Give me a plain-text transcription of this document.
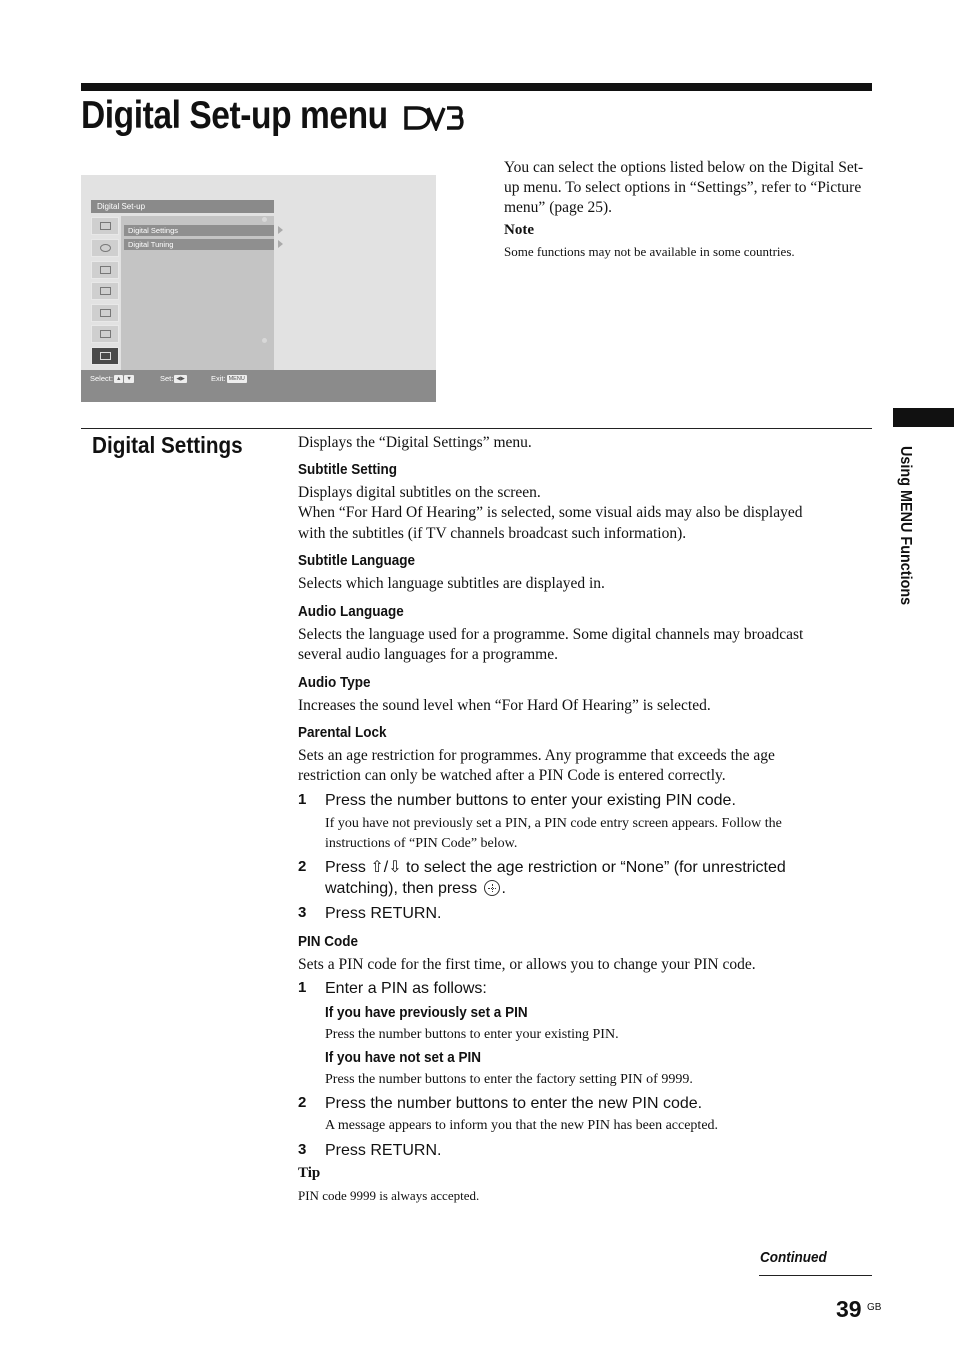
Digital Set-up menu
Digital Set-up
Digital Settings
Digital Tuning
Select: ▲ ▼	Set: ◀▶	Exit: MENU

You can select the options listed below on the Digital Set-up menu. To select options in “Settings”, refer to “Picture menu” (page 25).

Note
Some functions may not be available in some countries.
Digital Settings
Using MENU Functions
Displays the “Digital Settings” menu.
Subtitle Setting
Displays digital subtitles on the screen.
When “For Hard Of Hearing” is selected, some visual aids may also be displayed
with the subtitles (if TV channels broadcast such information).
Subtitle Language
Selects which language subtitles are displayed in.
Audio Language
Selects the language used for a programme. Some digital channels may broadcast
several audio languages for a programme.
Audio Type
Increases the sound level when “For Hard Of Hearing” is selected.
Parental Lock
Sets an age restriction for programmes. Any programme that exceeds the age
restriction can only be watched after a PIN Code is entered correctly.
1 Press the number buttons to enter your existing PIN code.
If you have not previously set a PIN, a PIN code entry screen appears. Follow the
instructions of “PIN Code” below.
2 Press ⇧/⇩ to select the age restriction or “None” (for unrestricted
watching), then press .
3 Press RETURN.
PIN Code
Sets a PIN code for the first time, or allows you to change your PIN code.
1 Enter a PIN as follows:
If you have previously set a PIN
Press the number buttons to enter your existing PIN.
If you have not set a PIN
Press the number buttons to enter the factory setting PIN of 9999.
2 Press the number buttons to enter the new PIN code.
A message appears to inform you that the new PIN has been accepted.
3 Press RETURN.
Tip
PIN code 9999 is always accepted.
Continued
39 GB
